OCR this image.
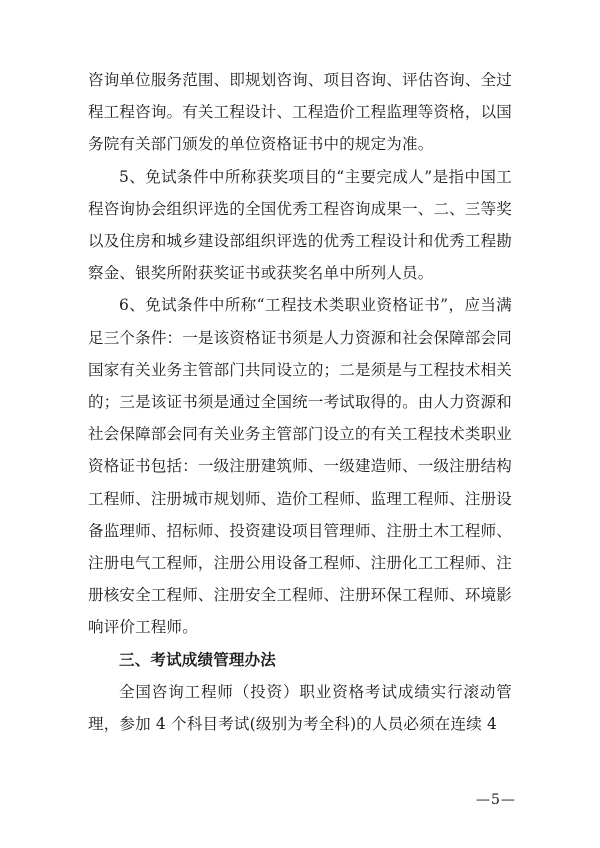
咨询单位服务范围、即规划咨询、项目咨询、评估咨询、全过程工程咨询。有关工程设计、工程造价工程监理等资格，以国务院有关部门颁发的单位资格证书中的规定为准。

5、免试条件中所称获奖项目的“主要完成人”是指中国工程咨询协会组织评选的全国优秀工程咨询成果一、二、三等奖以及住房和城乡建设部组织评选的优秀工程设计和优秀工程勘察金、银奖所附获奖证书或获奖名单中所列人员。

6、免试条件中所称“工程技术类职业资格证书”，应当满足三个条件：一是该资格证书须是人力资源和社会保障部会同国家有关业务主管部门共同设立的；二是须是与工程技术相关的；三是该证书须是通过全国统一考试取得的。由人力资源和社会保障部会同有关业务主管部门设立的有关工程技术类职业资格证书包括：一级注册建筑师、一级建造师、一级注册结构工程师、注册城市规划师、造价工程师、监理工程师、注册设备监理师、招标师、投资建设项目管理师、注册土木工程师、注册电气工程师，注册公用设备工程师、注册化工工程师、注册核安全工程师、注册安全工程师、注册环保工程师、环境影响评价工程师。

三、考试成绩管理办法

全国咨询工程师（投资）职业资格考试成绩实行滚动管理，参加 4 个科目考试(级别为考全科)的人员必须在连续 4

—5—
